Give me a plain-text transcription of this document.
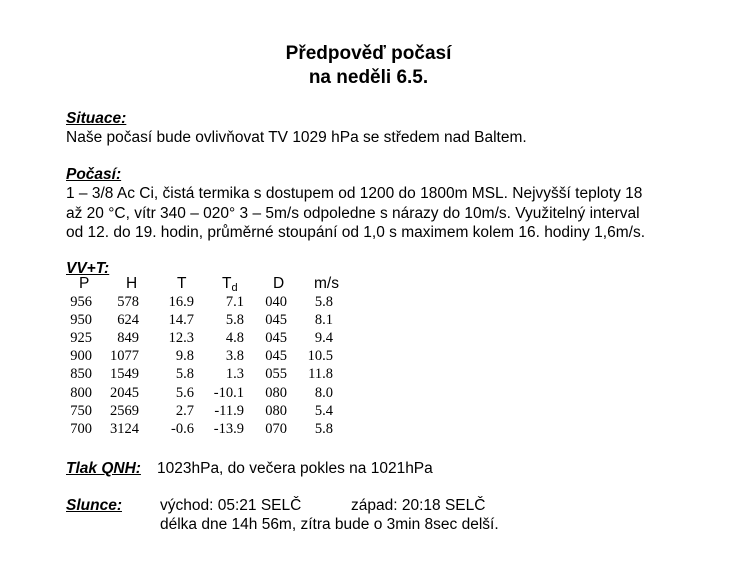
Předpověď počasí
na neděli 6.5.
Situace:
Naše počasí bude ovlivňovat TV 1029 hPa se středem nad Baltem.
Počasí:
1 – 3/8 Ac Ci, čistá termika s dostupem od 1200 do 1800m MSL. Nejvyšší teploty 18
až 20 °C, vítr 340 – 020° 3 – 5m/s odpoledne s nárazy do 10m/s. Využitelný interval
od 12. do 19. hodin, průměrné stoupání od 1,0 s maximem kolem 16. hodiny 1,6m/s.
VV+T:
P H	T Td D m/s
956	578	16.9	7.1	040	5.8
950	624	14.7	5.8	045	8.1
925	849	12.3	4.8	045	9.4
900	1077	9.8	3.8	045	10.5
850	1549	5.8	1.3	055	11.8
800	2045	5.6	-10.1	080	8.0
750	2569	2.7	-11.9	080	5.4
700	3124	-0.6	-13.9	070	5.8
Tlak QNH: 1023hPa, do večera pokles na 1021hPa
Slunce: východ: 05:21 SELČ	západ: 20:18 SELČ
délka dne 14h 56m, zítra bude o 3min 8sec delší.
